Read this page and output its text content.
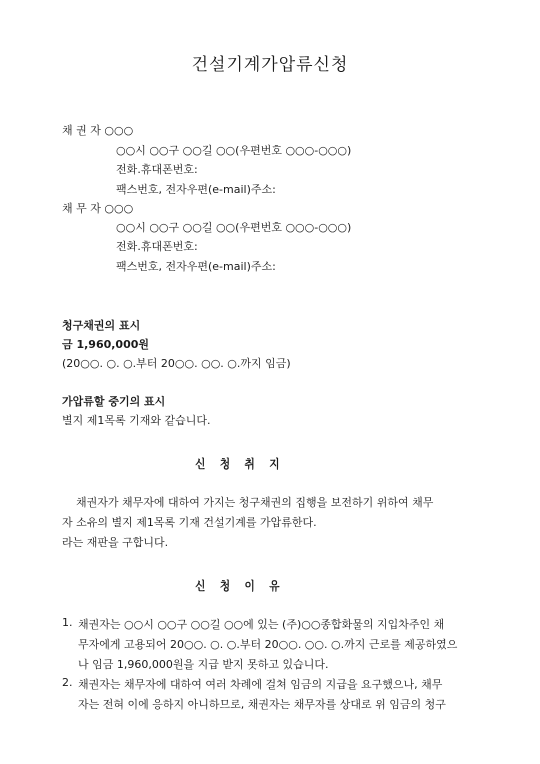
건설기계가압류신청
채 권 자 ○○○
○○시 ○○구 ○○길 ○○(우편번호 ○○○-○○○)
전화․휴대폰번호:
팩스번호, 전자우편(e-mail)주소:
채 무 자 ○○○
○○시 ○○구 ○○길 ○○(우편번호 ○○○-○○○)
전화․휴대폰번호:
팩스번호, 전자우편(e-mail)주소:
청구채권의 표시
금 1,960,000원
(20○○. ○. ○.부터 20○○. ○○. ○.까지 임금)
가압류할 중기의 표시
별지 제1목록 기재와 같습니다.
신 청 취 지
채권자가 채무자에 대하여 가지는 청구채권의 집행을 보전하기 위하여 채무
자 소유의 별지 제1목록 기재 건설기계를 가압류한다.
라는 재판을 구합니다.
신 청 이 유
1. 채권자는 ○○시 ○○구 ○○길 ○○에 있는 (주)○○종합화물의 지입차주인 채
무자에게 고용되어 20○○. ○. ○.부터 20○○. ○○. ○.까지 근로를 제공하였으
나 임금 1,960,000원을 지급 받지 못하고 있습니다.
2. 채권자는 채무자에 대하여 여러 차례에 걸쳐 임금의 지급을 요구했으나, 채무
자는 전혀 이에 응하지 아니하므로, 채권자는 채무자를 상대로 위 임금의 청구
